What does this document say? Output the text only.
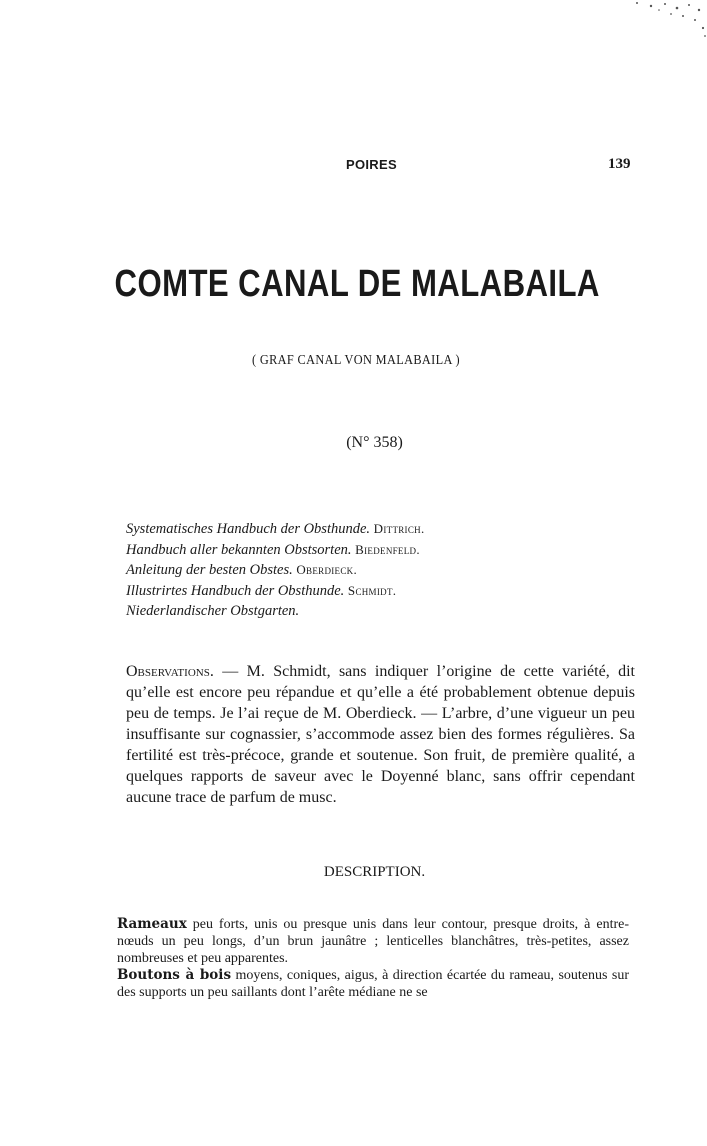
POIRES	139
COMTE CANAL DE MALABAILA
( GRAF CANAL VON MALABAILA )
(N° 358)
Systematisches Handbuch der Obsthunde. Dittrich.
Handbuch aller bekannten Obstsorten. Biedenfeld.
Anleitung der besten Obstes. Oberdieck.
Illustrirtes Handbuch der Obsthunde. Schmidt.
Niederlandischer Obstgarten.
Observations. — M. Schmidt, sans indiquer l’origine de cette variété, dit qu’elle est encore peu répandue et qu’elle a été probablement obtenue depuis peu de temps. Je l’ai reçue de M. Oberdieck. — L’arbre, d’une vigueur un peu insuffisante sur cognassier, s’accommode assez bien des formes régulières. Sa fertilité est très-précoce, grande et soutenue. Son fruit, de première qualité, a quelques rapports de saveur avec le Doyenné blanc, sans offrir cependant aucune trace de parfum de musc.
DESCRIPTION.
Rameaux peu forts, unis ou presque unis dans leur contour, presque droits, à entre-nœuds un peu longs, d’un brun jaunâtre ; lenticelles blanchâtres, très-petites, assez nombreuses et peu apparentes.
Boutons à bois moyens, coniques, aigus, à direction écartée du rameau, soutenus sur des supports un peu saillants dont l’arête médiane ne se
